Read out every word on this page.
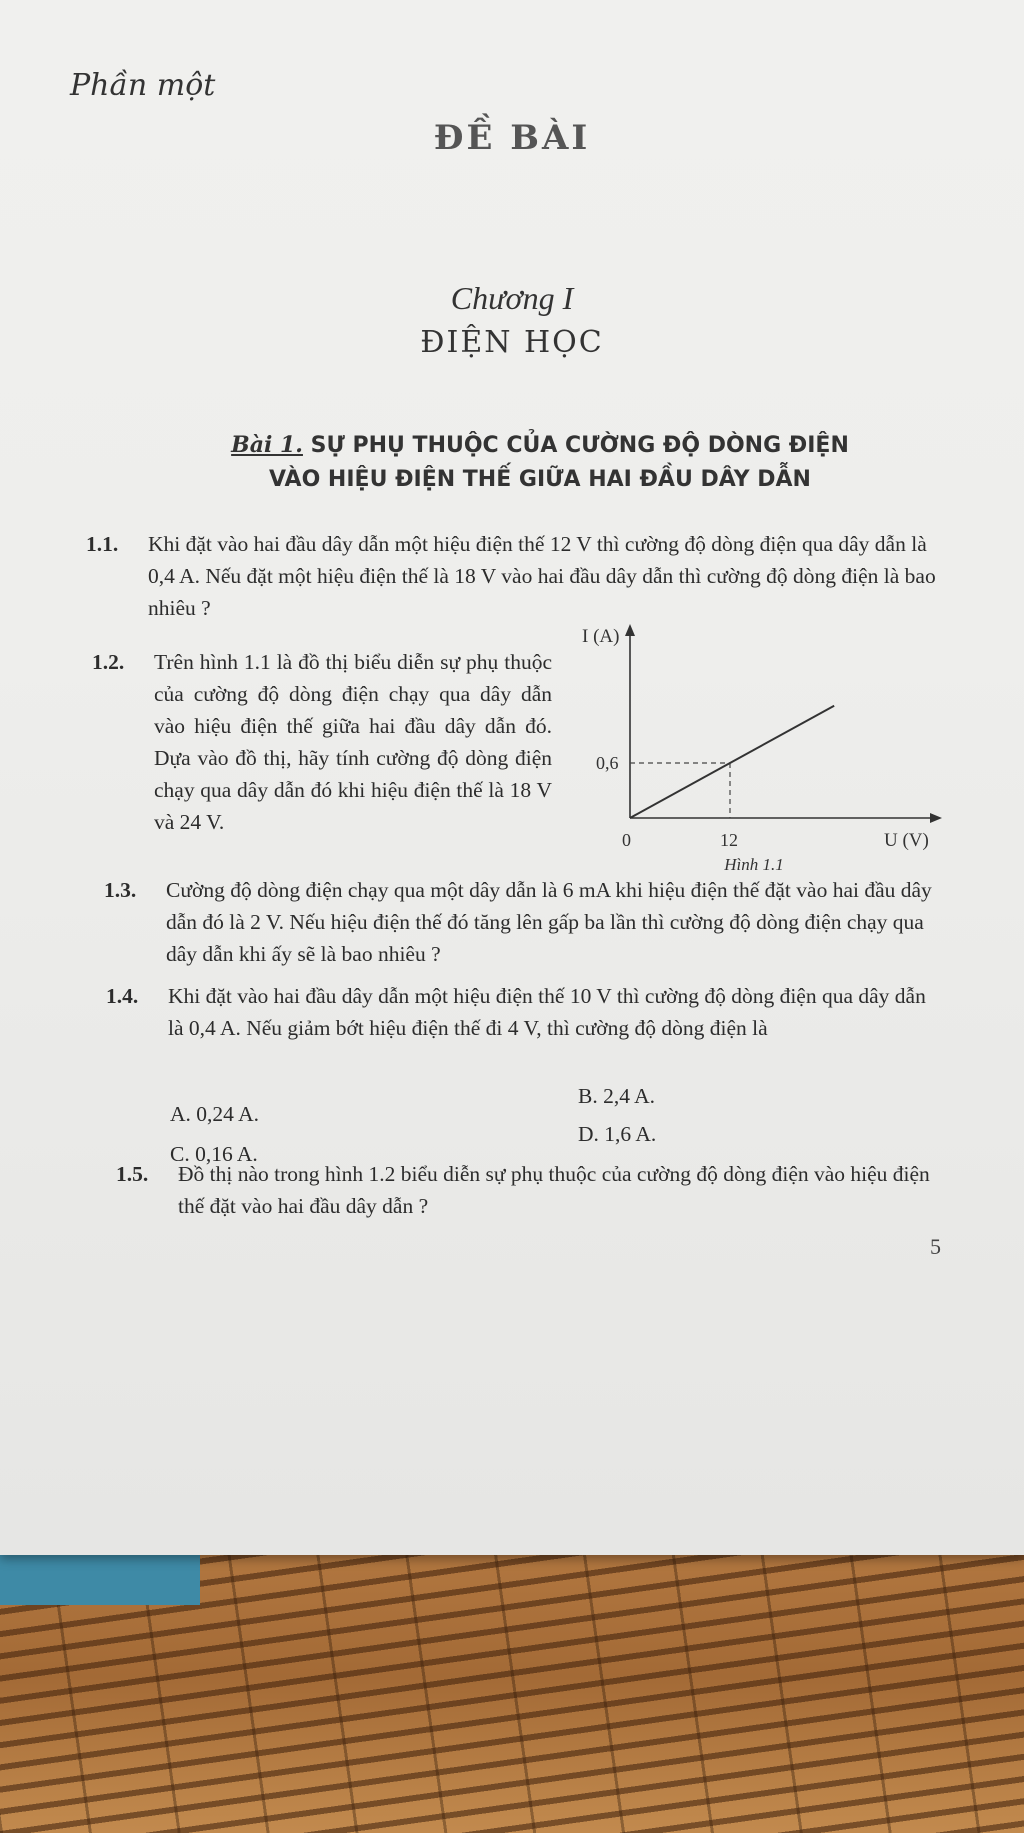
Phần một
ĐỀ BÀI
Chương I
ĐIỆN HỌC
Bài 1. SỰ PHỤ THUỘC CỦA CƯỜNG ĐỘ DÒNG ĐIỆN
VÀO HIỆU ĐIỆN THẾ GIỮA HAI ĐẦU DÂY DẪN
1.1. Khi đặt vào hai đầu dây dẫn một hiệu điện thế 12 V thì cường độ dòng điện qua dây dẫn là 0,4 A. Nếu đặt một hiệu điện thế là 18 V vào hai đầu dây dẫn thì cường độ dòng điện là bao nhiêu ?
1.2. Trên hình 1.1 là đồ thị biểu diễn sự phụ thuộc của cường độ dòng điện chạy qua dây dẫn vào hiệu điện thế giữa hai đầu dây dẫn đó. Dựa vào đồ thị, hãy tính cường độ dòng điện chạy qua dây dẫn đó khi hiệu điện thế là 18 V và 24 V.
I (A)
U (V)
0
0,6
12
Hình 1.1
1.3. Cường độ dòng điện chạy qua một dây dẫn là 6 mA khi hiệu điện thế đặt vào hai đầu dây dẫn đó là 2 V. Nếu hiệu điện thế đó tăng lên gấp ba lần thì cường độ dòng điện chạy qua dây dẫn khi ấy sẽ là bao nhiêu ?
1.4. Khi đặt vào hai đầu dây dẫn một hiệu điện thế 10 V thì cường độ dòng điện qua dây dẫn là 0,4 A. Nếu giảm bớt hiệu điện thế đi 4 V, thì cường độ dòng điện là
A. 0,24 A.
B. 2,4 A.
C. 0,16 A.
D. 1,6 A.
1.5. Đồ thị nào trong hình 1.2 biểu diễn sự phụ thuộc của cường độ dòng điện vào hiệu điện thế đặt vào hai đầu dây dẫn ?
5
